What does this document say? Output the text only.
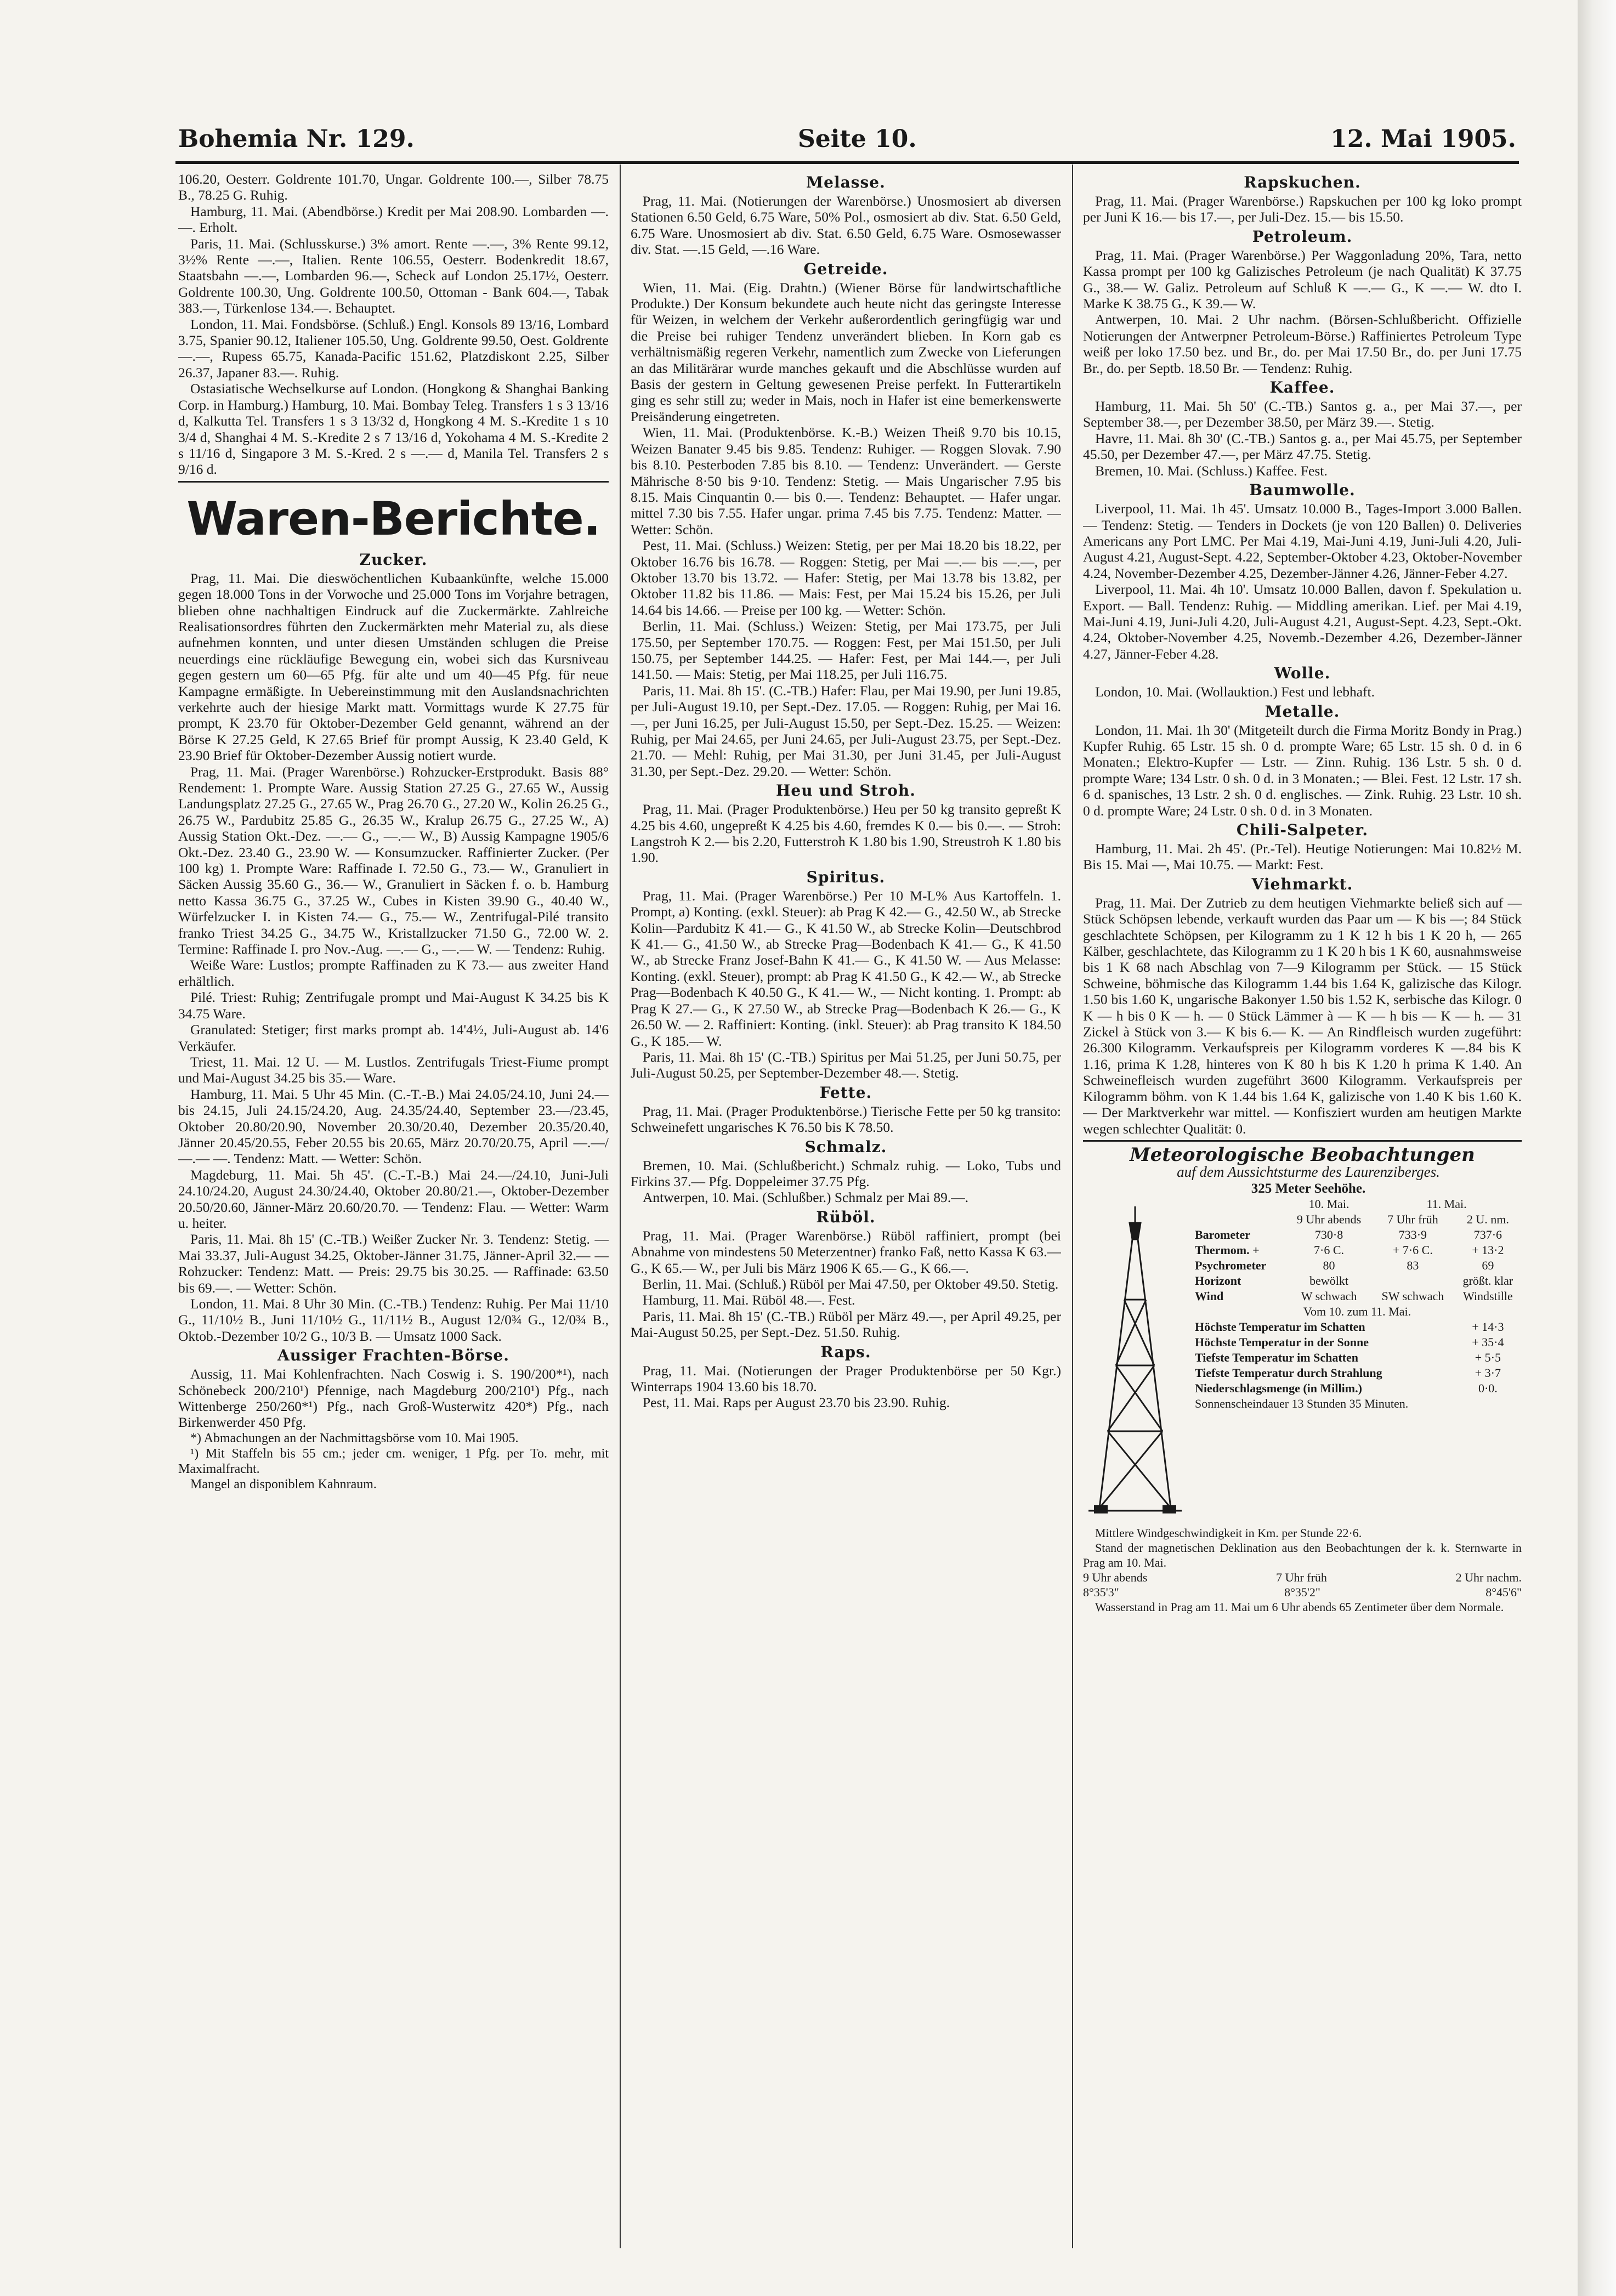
Bohemia Nr. 129.	Seite 10.	12. Mai 1905.

106.20, Oesterr. Goldrente 101.70, Ungar. Goldrente 100.—, Silber 78.75 B., 78.25 G. Ruhig.

Hamburg, 11. Mai. (Abendbörse.) Kredit per Mai 208.90. Lombarden —.—. Erholt.

Paris, 11. Mai. (Schlusskurse.) 3% amort. Rente —.—, 3% Rente 99.12, 3½% Rente —.—, Italien. Rente 106.55, Oesterr. Bodenkredit 18.67, Staatsbahn —.—, Lombarden 96.—, Scheck auf London 25.17½, Oesterr. Goldrente 100.30, Ung. Goldrente 100.50, Ottoman - Bank 604.—, Tabak 383.—, Türkenlose 134.—. Behauptet.

London, 11. Mai. Fondsbörse. (Schluß.) Engl. Konsols 89 13/16, Lombard 3.75, Spanier 90.12, Italiener 105.50, Ung. Goldrente 99.50, Oest. Goldrente —.—, Rupess 65.75, Kanada-Pacific 151.62, Platzdiskont 2.25, Silber 26.37, Japaner 83.—. Ruhig.

Ostasiatische Wechselkurse auf London. (Hongkong & Shanghai Banking Corp. in Hamburg.) Hamburg, 10. Mai. Bombay Teleg. Transfers 1 s 3 13/16 d, Kalkutta Tel. Transfers 1 s 3 13/32 d, Hongkong 4 M. S.-Kredite 1 s 10 3/4 d, Shanghai 4 M. S.-Kredite 2 s 7 13/16 d, Yokohama 4 M. S.-Kredite 2 s 11/16 d, Singapore 3 M. S.-Kred. 2 s —.— d, Manila Tel. Transfers 2 s 9/16 d.

Waren-Berichte.
Zucker.

Prag, 11. Mai. Die dieswöchentlichen Kubaankünfte, welche 15.000 gegen 18.000 Tons in der Vorwoche und 25.000 Tons im Vorjahre betragen, blieben ohne nachhaltigen Eindruck auf die Zuckermärkte. Zahlreiche Realisationsordres führten den Zuckermärkten mehr Material zu, als diese aufnehmen konnten, und unter diesen Umständen schlugen die Preise neuerdings eine rückläufige Bewegung ein, wobei sich das Kursniveau gegen gestern um 60—65 Pfg. für alte und um 40—45 Pfg. für neue Kampagne ermäßigte. In Uebereinstimmung mit den Auslandsnachrichten verkehrte auch der hiesige Markt matt. Vormittags wurde K 27.75 für prompt, K 23.70 für Oktober-Dezember Geld genannt, während an der Börse K 27.25 Geld, K 27.65 Brief für prompt Aussig, K 23.40 Geld, K 23.90 Brief für Oktober-Dezember Aussig notiert wurde.

Prag, 11. Mai. (Prager Warenbörse.) Rohzucker-Erstprodukt. Basis 88° Rendement: 1. Prompte Ware. Aussig Station 27.25 G., 27.65 W., Aussig Landungsplatz 27.25 G., 27.65 W., Prag 26.70 G., 27.20 W., Kolin 26.25 G., 26.75 W., Pardubitz 25.85 G., 26.35 W., Kralup 26.75 G., 27.25 W., A) Aussig Station Okt.-Dez. —.— G., —.— W., B) Aussig Kampagne 1905/6 Okt.-Dez. 23.40 G., 23.90 W. — Konsumzucker. Raffinierter Zucker. (Per 100 kg) 1. Prompte Ware: Raffinade I. 72.50 G., 73.— W., Granuliert in Säcken Aussig 35.60 G., 36.— W., Granuliert in Säcken f. o. b. Hamburg netto Kassa 36.75 G., 37.25 W., Cubes in Kisten 39.90 G., 40.40 W., Würfelzucker I. in Kisten 74.— G., 75.— W., Zentrifugal-Pilé transito franko Triest 34.25 G., 34.75 W., Kristallzucker 71.50 G., 72.00 W. 2. Termine: Raffinade I. pro Nov.-Aug. —.— G., —.— W. — Tendenz: Ruhig.

Weiße Ware: Lustlos; prompte Raffinaden zu K 73.— aus zweiter Hand erhältlich.

Pilé. Triest: Ruhig; Zentrifugale prompt und Mai-August K 34.25 bis K 34.75 Ware.

Granulated: Stetiger; first marks prompt ab. 14'4½, Juli-August ab. 14'6 Verkäufer.

Triest, 11. Mai. 12 U. — M. Lustlos. Zentrifugals Triest-Fiume prompt und Mai-August 34.25 bis 35.— Ware.

Hamburg, 11. Mai. 5 Uhr 45 Min. (C.-T.-B.) Mai 24.05/24.10, Juni 24.— bis 24.15, Juli 24.15/24.20, Aug. 24.35/24.40, September 23.—/23.45, Oktober 20.80/20.90, November 20.30/20.40, Dezember 20.35/20.40, Jänner 20.45/20.55, Feber 20.55 bis 20.65, März 20.70/20.75, April —.—/—.— —. Tendenz: Matt. — Wetter: Schön.

Magdeburg, 11. Mai. 5h 45'. (C.-T.-B.) Mai 24.—/24.10, Juni-Juli 24.10/24.20, August 24.30/24.40, Oktober 20.80/21.—, Oktober-Dezember 20.50/20.60, Jänner-März 20.60/20.70. — Tendenz: Flau. — Wetter: Warm u. heiter.

Paris, 11. Mai. 8h 15' (C.-TB.) Weißer Zucker Nr. 3. Tendenz: Stetig. — Mai 33.37, Juli-August 34.25, Oktober-Jänner 31.75, Jänner-April 32.— — Rohzucker: Tendenz: Matt. — Preis: 29.75 bis 30.25. — Raffinade: 63.50 bis 69.—. — Wetter: Schön.

London, 11. Mai. 8 Uhr 30 Min. (C.-TB.) Tendenz: Ruhig. Per Mai 11/10 G., 11/10½ B., Juni 11/10½ G., 11/11½ B., August 12/0¾ G., 12/0¾ B., Oktob.-Dezember 10/2 G., 10/3 B. — Umsatz 1000 Sack.

Aussiger Frachten-Börse.

Aussig, 11. Mai Kohlenfrachten. Nach Coswig i. S. 190/200*¹), nach Schönebeck 200/210¹) Pfennige, nach Magdeburg 200/210¹) Pfg., nach Wittenberge 250/260*¹) Pfg., nach Groß-Wusterwitz 420*) Pfg., nach Birkenwerder 450 Pfg.

*) Abmachungen an der Nachmittagsbörse vom 10. Mai 1905.

¹) Mit Staffeln bis 55 cm.; jeder cm. weniger, 1 Pfg. per To. mehr, mit Maximalfracht.

Mangel an disponiblem Kahnraum.

Melasse.

Prag, 11. Mai. (Notierungen der Warenbörse.) Unosmosiert ab diversen Stationen 6.50 Geld, 6.75 Ware, 50% Pol., osmosiert ab div. Stat. 6.50 Geld, 6.75 Ware. Unosmosiert ab div. Stat. 6.50 Geld, 6.75 Ware. Osmosewasser div. Stat. —.15 Geld, —.16 Ware.

Getreide.

Wien, 11. Mai. (Eig. Drahtn.) (Wiener Börse für landwirtschaftliche Produkte.) Der Konsum bekundete auch heute nicht das geringste Interesse für Weizen, in welchem der Verkehr außerordentlich geringfügig war und die Preise bei ruhiger Tendenz unverändert blieben. In Korn gab es verhältnismäßig regeren Verkehr, namentlich zum Zwecke von Lieferungen an das Militärärar wurde manches gekauft und die Abschlüsse wurden auf Basis der gestern in Geltung gewesenen Preise perfekt. In Futterartikeln ging es sehr still zu; weder in Mais, noch in Hafer ist eine bemerkenswerte Preisänderung eingetreten.

Wien, 11. Mai. (Produktenbörse. K.-B.) Weizen Theiß 9.70 bis 10.15, Weizen Banater 9.45 bis 9.85. Tendenz: Ruhiger. — Roggen Slovak. 7.90 bis 8.10. Pesterboden 7.85 bis 8.10. — Tendenz: Unverändert. — Gerste Mährische 8·50 bis 9·10. Tendenz: Stetig. — Mais Ungarischer 7.95 bis 8.15. Mais Cinquantin 0.— bis 0.—. Tendenz: Behauptet. — Hafer ungar. mittel 7.30 bis 7.55. Hafer ungar. prima 7.45 bis 7.75. Tendenz: Matter. — Wetter: Schön.

Pest, 11. Mai. (Schluss.) Weizen: Stetig, per per Mai 18.20 bis 18.22, per Oktober 16.76 bis 16.78. — Roggen: Stetig, per Mai —.— bis —.—, per Oktober 13.70 bis 13.72. — Hafer: Stetig, per Mai 13.78 bis 13.82, per Oktober 11.82 bis 11.86. — Mais: Fest, per Mai 15.24 bis 15.26, per Juli 14.64 bis 14.66. — Preise per 100 kg. — Wetter: Schön.

Berlin, 11. Mai. (Schluss.) Weizen: Stetig, per Mai 173.75, per Juli 175.50, per September 170.75. — Roggen: Fest, per Mai 151.50, per Juli 150.75, per September 144.25. — Hafer: Fest, per Mai 144.—, per Juli 141.50. — Mais: Stetig, per Mai 118.25, per Juli 116.75.

Paris, 11. Mai. 8h 15'. (C.-TB.) Hafer: Flau, per Mai 19.90, per Juni 19.85, per Juli-August 19.10, per Sept.-Dez. 17.05. — Roggen: Ruhig, per Mai 16.—, per Juni 16.25, per Juli-August 15.50, per Sept.-Dez. 15.25. — Weizen: Ruhig, per Mai 24.65, per Juni 24.65, per Juli-August 23.75, per Sept.-Dez. 21.70. — Mehl: Ruhig, per Mai 31.30, per Juni 31.45, per Juli-August 31.30, per Sept.-Dez. 29.20. — Wetter: Schön.

Heu und Stroh.

Prag, 11. Mai. (Prager Produktenbörse.) Heu per 50 kg transito gepreßt K 4.25 bis 4.60, ungepreßt K 4.25 bis 4.60, fremdes K 0.— bis 0.—. — Stroh: Langstroh K 2.— bis 2.20, Futterstroh K 1.80 bis 1.90, Streustroh K 1.80 bis 1.90.

Spiritus.

Prag, 11. Mai. (Prager Warenbörse.) Per 10 M-L% Aus Kartoffeln. 1. Prompt, a) Konting. (exkl. Steuer): ab Prag K 42.— G., 42.50 W., ab Strecke Kolin—Pardubitz K 41.— G., K 41.50 W., ab Strecke Kolin—Deutschbrod K 41.— G., 41.50 W., ab Strecke Prag—Bodenbach K 41.— G., K 41.50 W., ab Strecke Franz Josef-Bahn K 41.— G., K 41.50 W. — Aus Melasse: Konting. (exkl. Steuer), prompt: ab Prag K 41.50 G., K 42.— W., ab Strecke Prag—Bodenbach K 40.50 G., K 41.— W., — Nicht konting. 1. Prompt: ab Prag K 27.— G., K 27.50 W., ab Strecke Prag—Bodenbach K 26.— G., K 26.50 W. — 2. Raffiniert: Konting. (inkl. Steuer): ab Prag transito K 184.50 G., K 185.— W.

Paris, 11. Mai. 8h 15' (C.-TB.) Spiritus per Mai 51.25, per Juni 50.75, per Juli-August 50.25, per September-Dezember 48.—. Stetig.

Fette.

Prag, 11. Mai. (Prager Produktenbörse.) Tierische Fette per 50 kg transito: Schweinefett ungarisches K 76.50 bis K 78.50.

Schmalz.

Bremen, 10. Mai. (Schlußbericht.) Schmalz ruhig. — Loko, Tubs und Firkins 37.— Pfg. Doppeleimer 37.75 Pfg.

Antwerpen, 10. Mai. (Schlußber.) Schmalz per Mai 89.—.

Rüböl.

Prag, 11. Mai. (Prager Warenbörse.) Rüböl raffiniert, prompt (bei Abnahme von mindestens 50 Meterzentner) franko Faß, netto Kassa K 63.— G., K 65.— W., per Juli bis März 1906 K 65.— G., K 66.—.

Berlin, 11. Mai. (Schluß.) Rüböl per Mai 47.50, per Oktober 49.50. Stetig.

Hamburg, 11. Mai. Rüböl 48.—. Fest.

Paris, 11. Mai. 8h 15' (C.-TB.) Rüböl per März 49.—, per April 49.25, per Mai-August 50.25, per Sept.-Dez. 51.50. Ruhig.

Raps.

Prag, 11. Mai. (Notierungen der Prager Produktenbörse per 50 Kgr.) Winterraps 1904 13.60 bis 18.70.

Pest, 11. Mai. Raps per August 23.70 bis 23.90. Ruhig.

Rapskuchen.

Prag, 11. Mai. (Prager Warenbörse.) Rapskuchen per 100 kg loko prompt per Juni K 16.— bis 17.—, per Juli-Dez. 15.— bis 15.50.

Petroleum.

Prag, 11. Mai. (Prager Warenbörse.) Per Waggonladung 20%, Tara, netto Kassa prompt per 100 kg Galizisches Petroleum (je nach Qualität) K 37.75 G., 38.— W. Galiz. Petroleum auf Schluß K —.— G., K —.— W. dto I. Marke K 38.75 G., K 39.— W.

Antwerpen, 10. Mai. 2 Uhr nachm. (Börsen-Schlußbericht. Offizielle Notierungen der Antwerpner Petroleum-Börse.) Raffiniertes Petroleum Type weiß per loko 17.50 bez. und Br., do. per Mai 17.50 Br., do. per Juni 17.75 Br., do. per Septb. 18.50 Br. — Tendenz: Ruhig.

Kaffee.

Hamburg, 11. Mai. 5h 50' (C.-TB.) Santos g. a., per Mai 37.—, per September 38.—, per Dezember 38.50, per März 39.—. Stetig.

Havre, 11. Mai. 8h 30' (C.-TB.) Santos g. a., per Mai 45.75, per September 45.50, per Dezember 47.—, per März 47.75. Stetig.

Bremen, 10. Mai. (Schluss.) Kaffee. Fest.

Baumwolle.

Liverpool, 11. Mai. 1h 45'. Umsatz 10.000 B., Tages-Import 3.000 Ballen. — Tendenz: Stetig. — Tenders in Dockets (je von 120 Ballen) 0. Deliveries Americans any Port LMC. Per Mai 4.19, Mai-Juni 4.19, Juni-Juli 4.20, Juli-August 4.21, August-Sept. 4.22, September-Oktober 4.23, Oktober-November 4.24, November-Dezember 4.25, Dezember-Jänner 4.26, Jänner-Feber 4.27.

Liverpool, 11. Mai. 4h 10'. Umsatz 10.000 Ballen, davon f. Spekulation u. Export. — Ball. Tendenz: Ruhig. — Middling amerikan. Lief. per Mai 4.19, Mai-Juni 4.19, Juni-Juli 4.20, Juli-August 4.21, August-Sept. 4.23, Sept.-Okt. 4.24, Oktober-November 4.25, Novemb.-Dezember 4.26, Dezember-Jänner 4.27, Jänner-Feber 4.28.

Wolle.

London, 10. Mai. (Wollauktion.) Fest und lebhaft.

Metalle.

London, 11. Mai. 1h 30' (Mitgeteilt durch die Firma Moritz Bondy in Prag.) Kupfer Ruhig. 65 Lstr. 15 sh. 0 d. prompte Ware; 65 Lstr. 15 sh. 0 d. in 6 Monaten.; Elektro-Kupfer — Lstr. — Zinn. Ruhig. 136 Lstr. 5 sh. 0 d. prompte Ware; 134 Lstr. 0 sh. 0 d. in 3 Monaten.; — Blei. Fest. 12 Lstr. 17 sh. 6 d. spanisches, 13 Lstr. 2 sh. 0 d. englisches. — Zink. Ruhig. 23 Lstr. 10 sh. 0 d. prompte Ware; 24 Lstr. 0 sh. 0 d. in 3 Monaten.

Chili-Salpeter.

Hamburg, 11. Mai. 2h 45'. (Pr.-Tel). Heutige Notierungen: Mai 10.82½ M. Bis 15. Mai —, Mai 10.75. — Markt: Fest.

Viehmarkt.

Prag, 11. Mai. Der Zutrieb zu dem heutigen Viehmarkte beließ sich auf — Stück Schöpsen lebende, verkauft wurden das Paar um — K bis —; 84 Stück geschlachtete Schöpsen, per Kilogramm zu 1 K 12 h bis 1 K 20 h, — 265 Kälber, geschlachtete, das Kilogramm zu 1 K 20 h bis 1 K 60, ausnahmsweise bis 1 K 68 nach Abschlag von 7—9 Kilogramm per Stück. — 15 Stück Schweine, böhmische das Kilogramm 1.44 bis 1.64 K, galizische das Kilogr. 1.50 bis 1.60 K, ungarische Bakonyer 1.50 bis 1.52 K, serbische das Kilogr. 0 K — h bis 0 K — h. — 0 Stück Lämmer à — K — h bis — K — h. — 31 Zickel à Stück von 3.— K bis 6.— K. — An Rindfleisch wurden zugeführt: 26.300 Kilogramm. Verkaufspreis per Kilogramm vorderes K —.84 bis K 1.16, prima K 1.28, hinteres von K 80 h bis K 1.20 h prima K 1.40. An Schweinefleisch wurden zugeführt 3600 Kilogramm. Verkaufspreis per Kilogramm böhm. von K 1.44 bis 1.64 K, galizische von 1.40 K bis 1.60 K. — Der Marktverkehr war mittel. — Konfisziert wurden am heutigen Markte wegen schlechter Qualität: 0.

Meteorologische Beobachtungen

auf dem Aussichtsturme des Laurenziberges.

325 Meter Seehöhe.

	10. Mai.	11. Mai.	
	9 Uhr abends	7 Uhr früh	2 U. nm.
Barometer	730·8	733·9	737·6
Thermom. +	7·6 C.	+ 7·6 C.	+ 13·2
Psychrometer	80	83	69
Horizont	bewölkt		größt. klar
Wind	W schwach	SW schwach	Windstille
Vom 10. zum 11. Mai.			
Höchste Temperatur im Schatten			+ 14·3
Höchste Temperatur in der Sonne			+ 35·4
Tiefste Temperatur im Schatten			+ 5·5
Tiefste Temperatur durch Strahlung			+ 3·7
Niederschlagsmenge (in Millim.)			0·0.
Sonnenscheindauer 13 Stunden 35 Minuten.			

Mittlere Windgeschwindigkeit in Km. per Stunde 22·6.

Stand der magnetischen Deklination aus den Beobachtungen der k. k. Sternwarte in Prag am 10. Mai.

9 Uhr abends	7 Uhr früh	2 Uhr nachm.
8°35'3"	8°35'2"	8°45'6"

Wasserstand in Prag am 11. Mai um 6 Uhr abends 65 Zentimeter über dem Normale.
